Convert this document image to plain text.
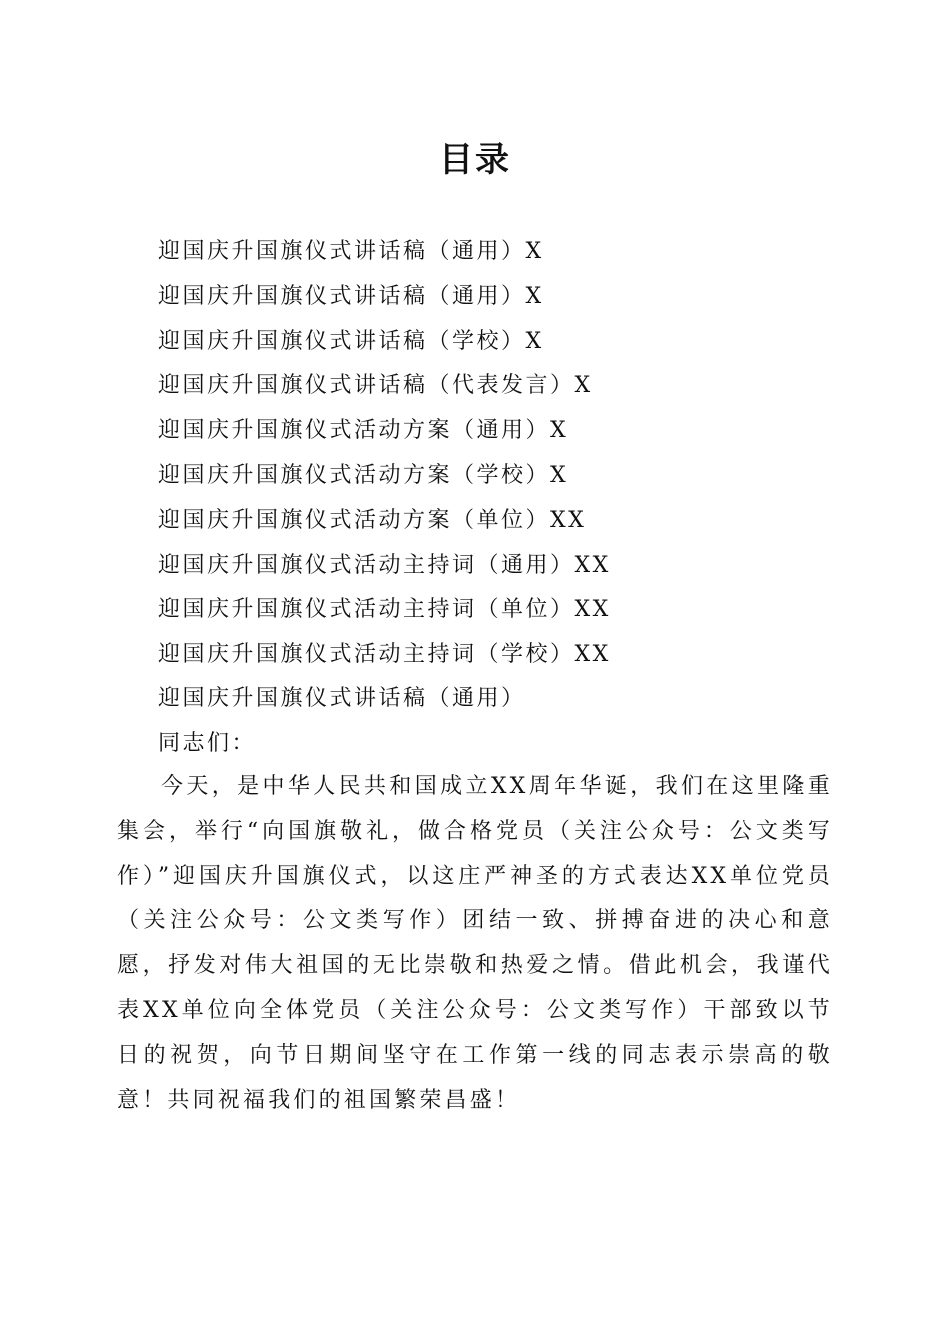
目录
迎国庆升国旗仪式讲话稿（通用）X
迎国庆升国旗仪式讲话稿（通用）X
迎国庆升国旗仪式讲话稿（学校）X
迎国庆升国旗仪式讲话稿（代表发言）X
迎国庆升国旗仪式活动方案（通用）X
迎国庆升国旗仪式活动方案（学校）X
迎国庆升国旗仪式活动方案（单位）XX
迎国庆升国旗仪式活动主持词（通用）XX
迎国庆升国旗仪式活动主持词（单位）XX
迎国庆升国旗仪式活动主持词（学校）XX
迎国庆升国旗仪式讲话稿（通用）
同志们：

今天，是中华人民共和国成立XX周年华诞，我们在这里隆重集会，举行“向国旗敬礼，做合格党员（关注公众号：公文类写作）”迎国庆升国旗仪式，以这庄严神圣的方式表达XX单位党员（关注公众号：公文类写作）团结一致、拼搏奋进的决心和意愿，抒发对伟大祖国的无比崇敬和热爱之情。借此机会，我谨代表XX单位向全体党员（关注公众号：公文类写作）干部致以节日的祝贺，向节日期间坚守在工作第一线的同志表示崇高的敬意！共同祝福我们的祖国繁荣昌盛！
